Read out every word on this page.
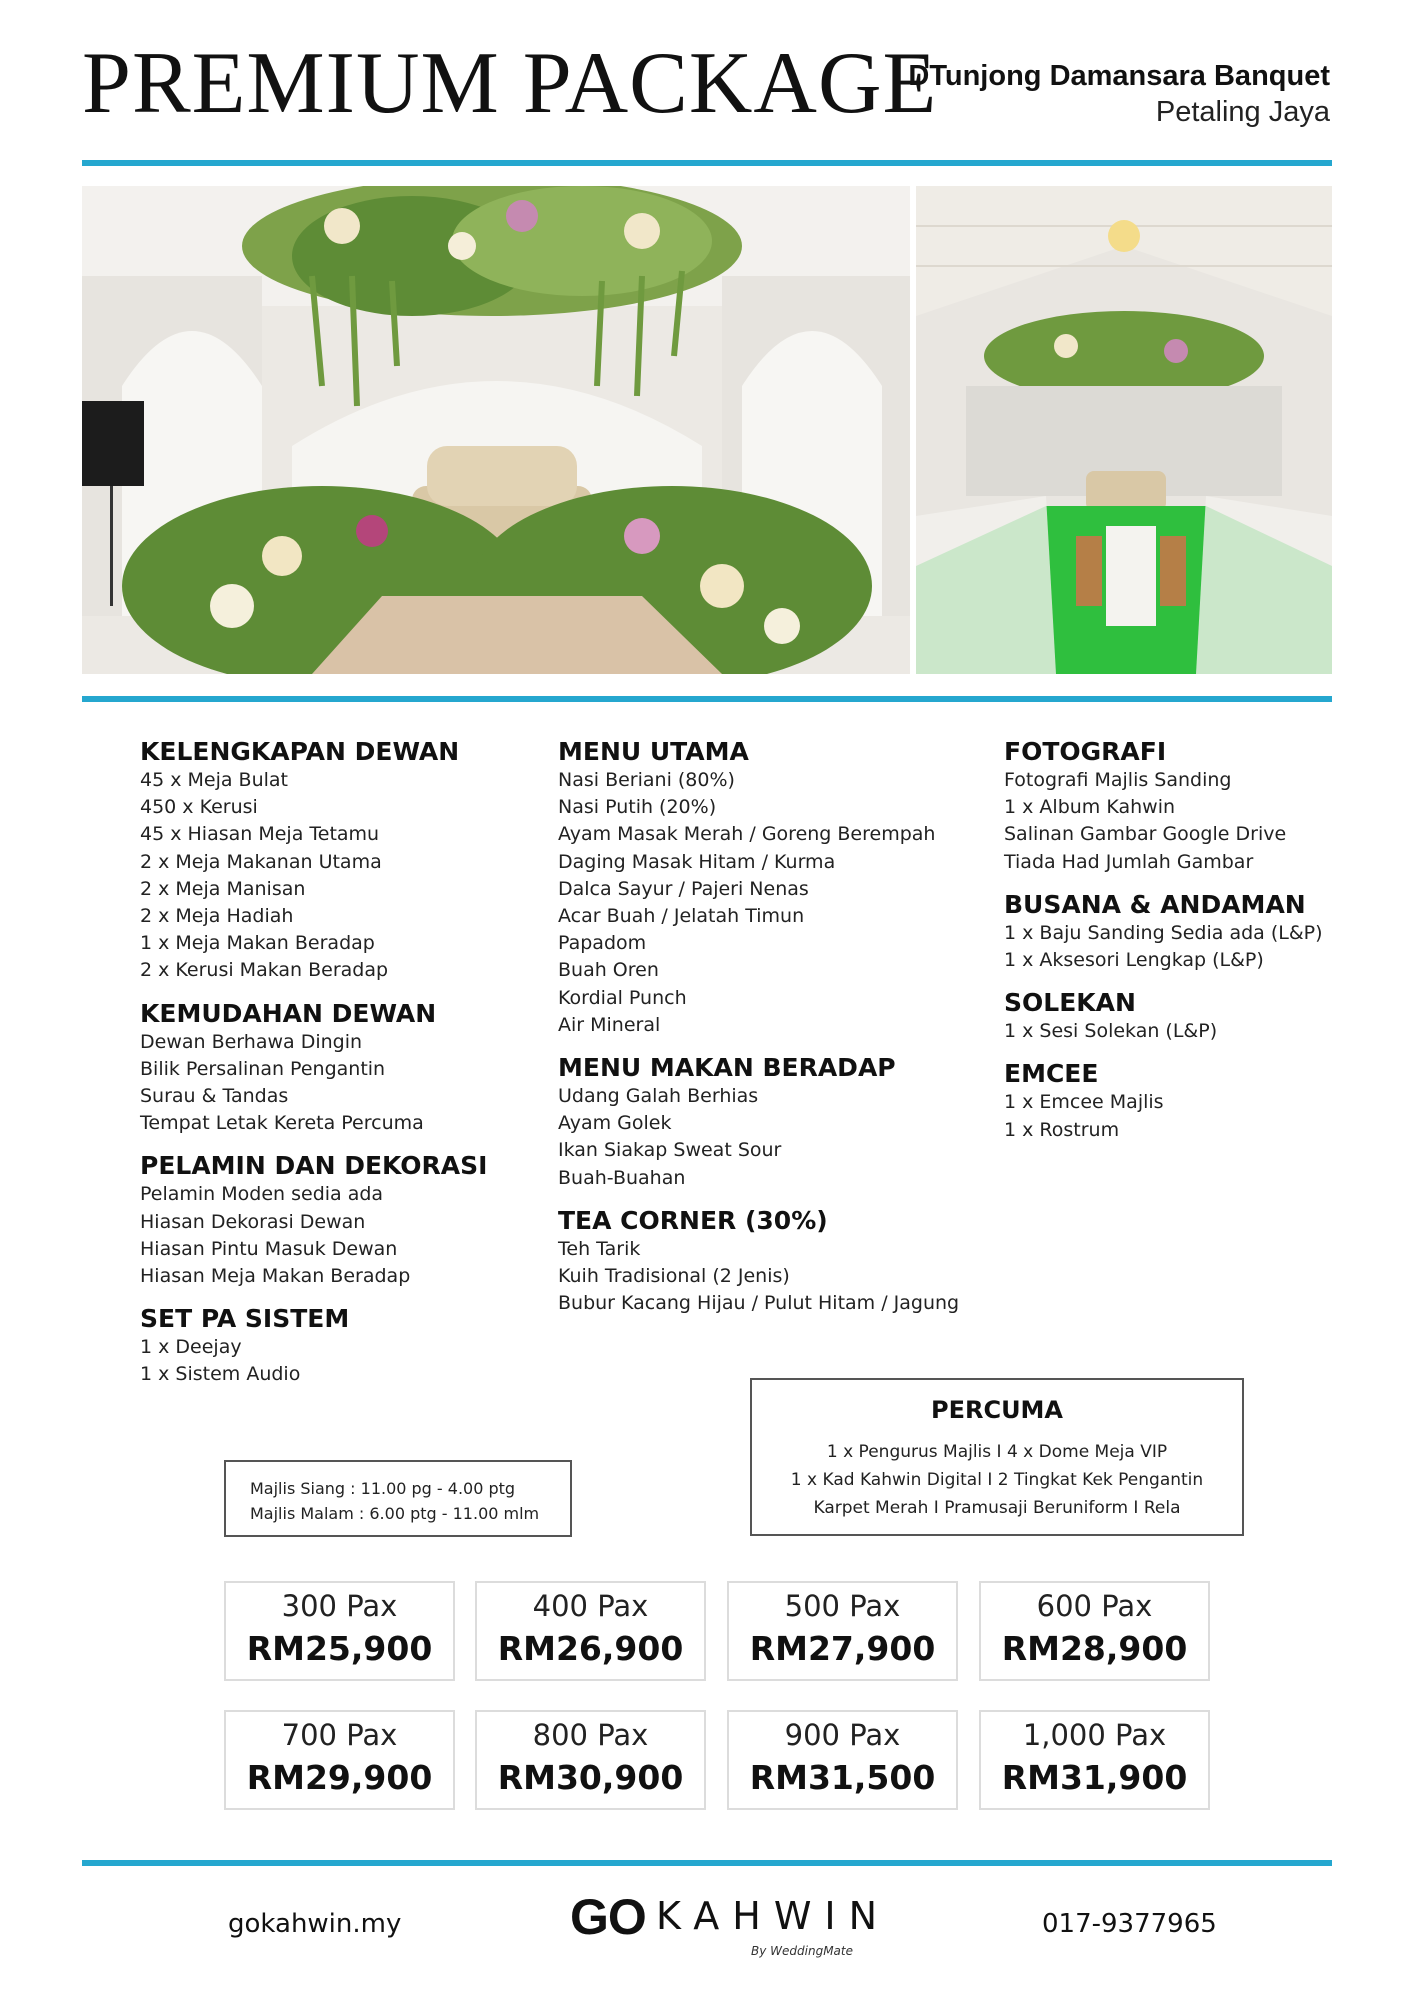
PREMIUM PACKAGE
DTunjong Damansara Banquet
Petaling Jaya
KELENGKAPAN DEWAN
45 x Meja Bulat
450 x Kerusi
45 x Hiasan Meja Tetamu
2 x Meja Makanan Utama
2 x Meja Manisan
2 x Meja Hadiah
1 x Meja Makan Beradap
2 x Kerusi Makan Beradap
KEMUDAHAN DEWAN
Dewan Berhawa Dingin
Bilik Persalinan Pengantin
Surau & Tandas
Tempat Letak Kereta Percuma
PELAMIN DAN DEKORASI
Pelamin Moden sedia ada
Hiasan Dekorasi Dewan
Hiasan Pintu Masuk Dewan
Hiasan Meja Makan Beradap
SET PA SISTEM
1 x Deejay
1 x Sistem Audio
MENU UTAMA
Nasi Beriani (80%)
Nasi Putih (20%)
Ayam Masak Merah / Goreng Berempah
Daging Masak Hitam / Kurma
Dalca Sayur / Pajeri Nenas
Acar Buah / Jelatah Timun
Papadom
Buah Oren
Kordial Punch
Air Mineral
MENU MAKAN BERADAP
Udang Galah Berhias
Ayam Golek
Ikan Siakap Sweat Sour
Buah-Buahan
TEA CORNER (30%)
Teh Tarik
Kuih Tradisional (2 Jenis)
Bubur Kacang Hijau / Pulut Hitam / Jagung
FOTOGRAFI
Fotografi Majlis Sanding
1 x Album Kahwin
Salinan Gambar Google Drive
Tiada Had Jumlah Gambar
BUSANA & ANDAMAN
1 x Baju Sanding Sedia ada (L&P)
1 x Aksesori Lengkap (L&P)
SOLEKAN
1 x Sesi Solekan (L&P)
EMCEE
1 x Emcee Majlis
1 x Rostrum
Majlis Siang : 11.00 pg - 4.00 ptg
Majlis Malam : 6.00 ptg - 11.00 mlm
PERCUMA
1 x Pengurus Majlis I 4 x Dome Meja VIP
1 x Kad Kahwin Digital I 2 Tingkat Kek Pengantin
Karpet Merah I Pramusaji Beruniform I Rela
300 Pax
RM25,900
400 Pax
RM26,900
500 Pax
RM27,900
600 Pax
RM28,900
700 Pax
RM29,900
800 Pax
RM30,900
900 Pax
RM31,500
1,000 Pax
RM31,900
gokahwin.my	GO KAHWIN
By WeddingMate
017-9377965
